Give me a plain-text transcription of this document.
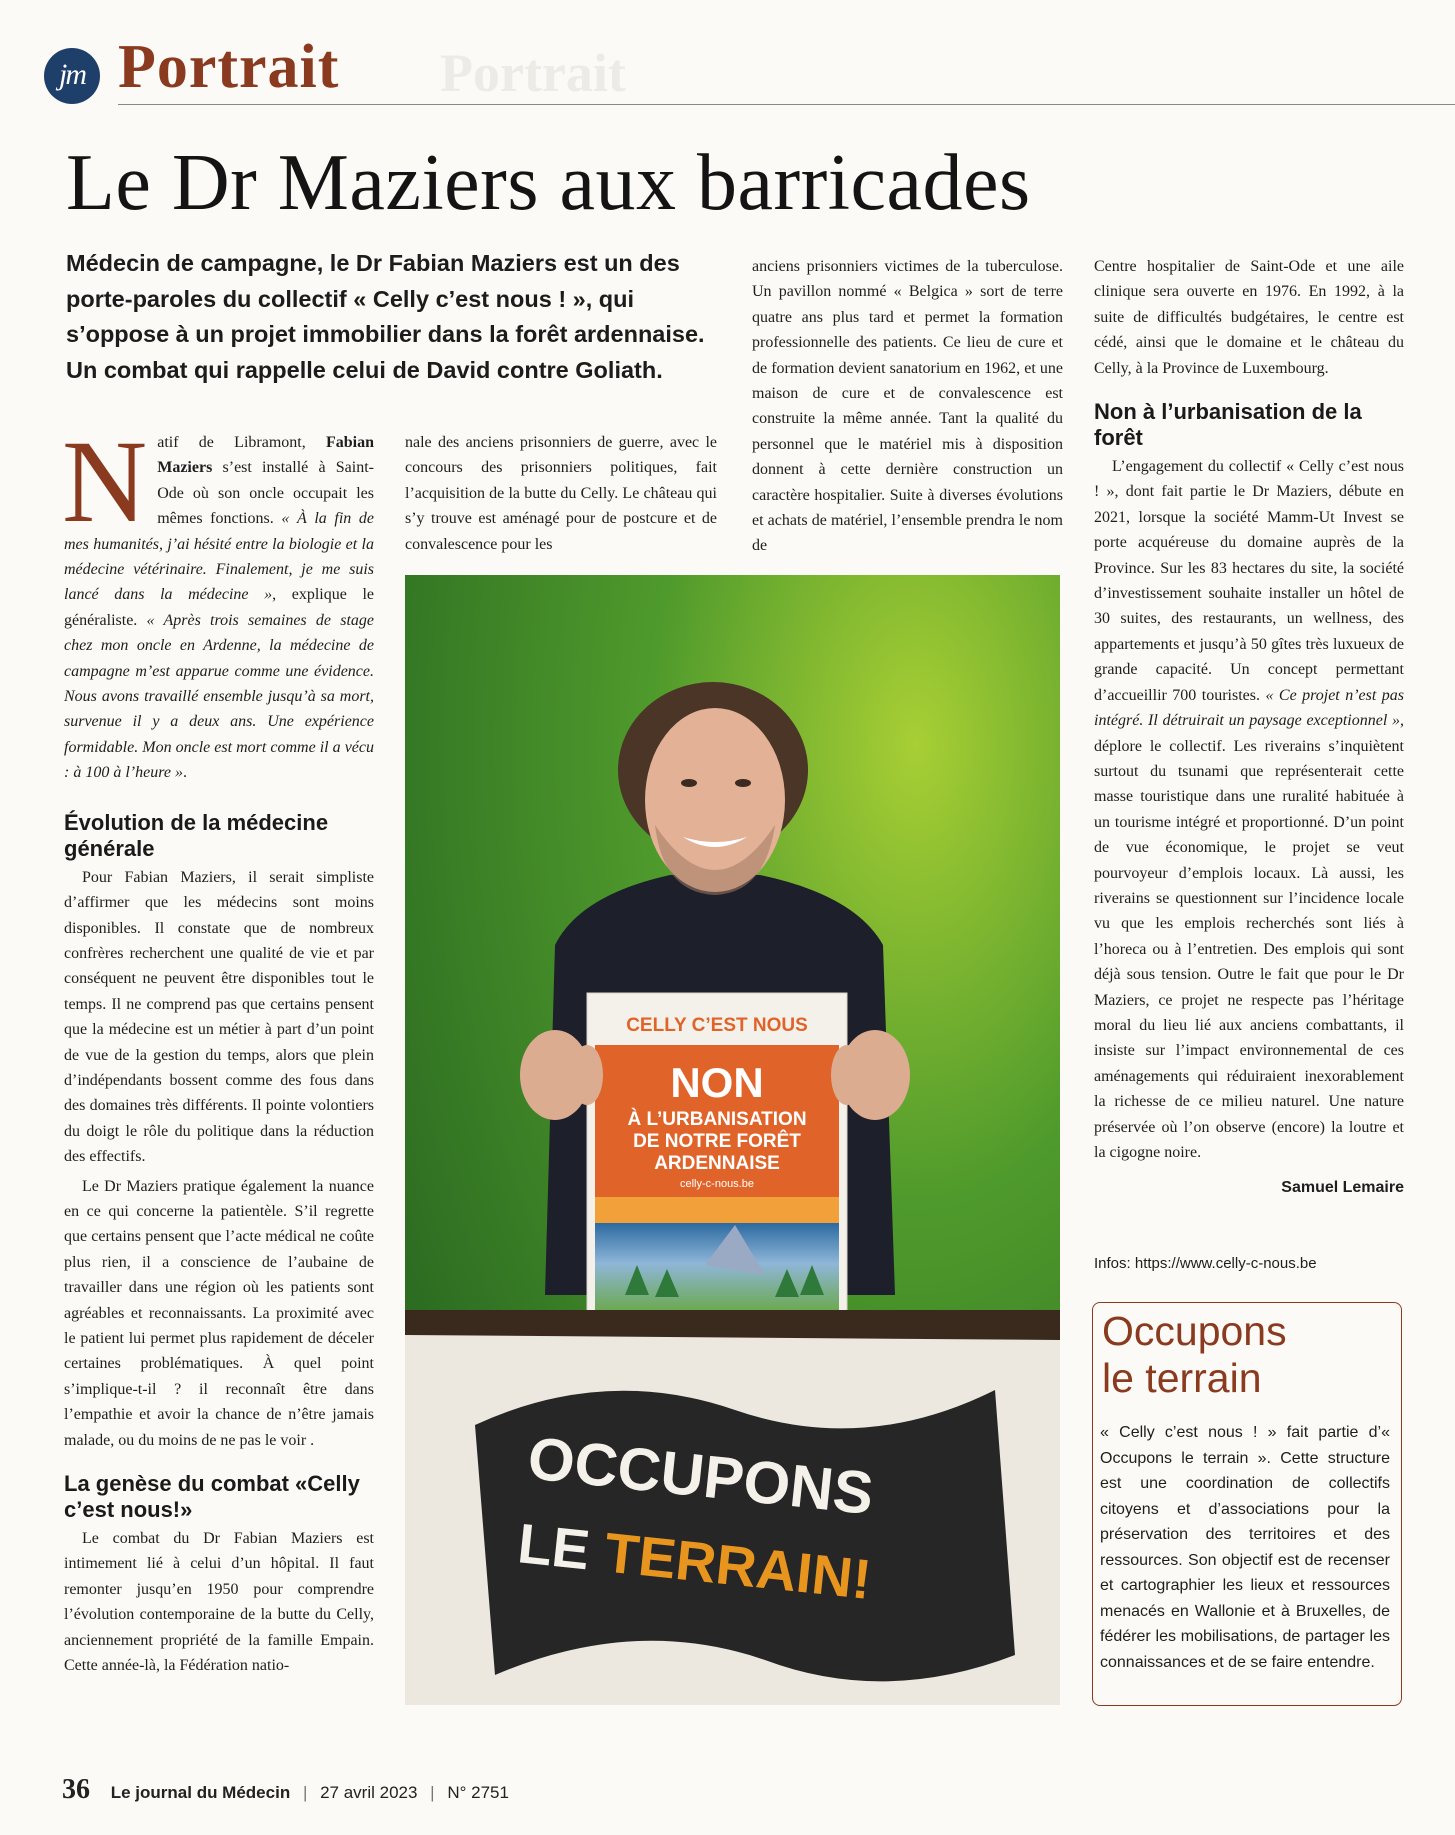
jm	Portrait
Portrait
Le Dr Maziers aux barricades
Médecin de campagne, le Dr Fabian Maziers est un des porte-paroles du collectif « Celly c’est nous ! », qui s’oppose à un projet immobilier dans la forêt ardennaise. Un combat qui rappelle celui de David contre Goliath.

Natif de Libramont, Fabian Maziers s’est installé à Saint-Ode où son oncle occupait les mêmes fonctions. « À la fin de mes humanités, j’ai hésité entre la biologie et la médecine vétérinaire. Finalement, je me suis lancé dans la médecine », explique le généraliste. « Après trois semaines de stage chez mon oncle en Ardenne, la médecine de campagne m’est apparue comme une évidence. Nous avons travaillé ensemble jusqu’à sa mort, survenue il y a deux ans. Une expérience formidable. Mon oncle est mort comme il a vécu : à 100 à l’heure ».

Évolution de la médecine générale

Pour Fabian Maziers, il serait simpliste d’affirmer que les médecins sont moins disponibles. Il constate que de nombreux confrères recherchent une qualité de vie et par conséquent ne peuvent être disponibles tout le temps. Il ne comprend pas que certains pensent que la médecine est un métier à part d’un point de vue de la gestion du temps, alors que plein d’indépendants bossent comme des fous dans des domaines très différents. Il pointe volontiers du doigt le rôle du politique dans la réduction des effectifs.

Le Dr Maziers pratique également la nuance en ce qui concerne la patientèle. S’il regrette que certains pensent que l’acte médical ne coûte plus rien, il a conscience de l’aubaine de travailler dans une région où les patients sont agréables et reconnaissants. La proximité avec le patient lui permet plus rapidement de déceler certaines problématiques. À quel point s’implique-t-il ? il reconnaît être dans l’empathie et avoir la chance de n’être jamais malade, ou du moins de ne pas le voir .

La genèse du combat «Celly c’est nous!»

Le combat du Dr Fabian Maziers est intimement lié à celui d’un hôpital. Il faut remonter jusqu’en 1950 pour comprendre l’évolution contemporaine de la butte du Celly, anciennement propriété de la famille Empain. Cette année-là, la Fédération natio-

nale des anciens prisonniers de guerre, avec le concours des prisonniers politiques, fait l’acquisition de la butte du Celly. Le château qui s’y trouve est aménagé pour de postcure et de convalescence pour les

anciens prisonniers victimes de la tuberculose. Un pavillon nommé « Belgica » sort de terre quatre ans plus tard et permet la formation professionnelle des patients. Ce lieu de cure et de formation devient sanatorium en 1962, et une maison de cure et de convalescence est construite la même année. Tant la qualité du personnel que le matériel mis à disposition donnent à cette dernière construction un caractère hospitalier. Suite à diverses évolutions et achats de matériel, l’ensemble prendra le nom de

Centre hospitalier de Saint-Ode et une aile clinique sera ouverte en 1976. En 1992, à la suite de difficultés budgétaires, le centre est cédé, ainsi que le domaine et le château du Celly, à la Province de Luxembourg.

Non à l’urbanisation de la forêt

L’engagement du collectif « Celly c’est nous ! », dont fait partie le Dr Maziers, débute en 2021, lorsque la société Mamm-Ut Invest se porte acquéreuse du domaine auprès de la Province. Sur les 83 hectares du site, la société d’investissement souhaite installer un hôtel de 30 suites, des restaurants, un wellness, des appartements et jusqu’à 50 gîtes très luxueux de grande capacité. Un concept permettant d’accueillir 700 touristes. « Ce projet n’est pas intégré. Il détruirait un paysage exceptionnel », déplore le collectif. Les riverains s’inquiètent surtout du tsunami que représenterait cette masse touristique dans une ruralité habituée à un tourisme intégré et proportionné. D’un point de vue économique, le projet se veut pourvoyeur d’emplois locaux. Là aussi, les riverains se questionnent sur l’incidence locale vu que les emplois recherchés sont liés à l’horeca ou à l’entretien. Des emplois qui sont déjà sous tension. Outre le fait que pour le Dr Maziers, ce projet ne respecte pas l’héritage moral du lieu lié aux anciens combattants, il insiste sur l’impact environnemental de ces aménagements qui réduiraient inexorablement la richesse de ce milieu naturel. Une nature préservée où l’on observe (encore) la loutre et la cigogne noire.

Samuel Lemaire
Infos: https://www.celly-c-nous.be
Occupons
le terrain
« Celly c’est nous ! » fait partie d’« Occupons le terrain ». Cette structure est une coordination de collectifs citoyens et d’associations pour la préservation des territoires et des ressources. Son objectif est de recenser et cartographier les lieux et ressources menacés en Wallonie et à Bruxelles, de fédérer les mobilisations, de partager les connaissances et de se faire entendre.
CELLY C’EST NOUS
NON
À L’URBANISATION
DE NOTRE FORÊT
ARDENNAISE
celly-c-nous.be
OCCUPONS
LE TERRAIN!
36 Le journal du Médecin | 27 avril 2023 | N° 2751
